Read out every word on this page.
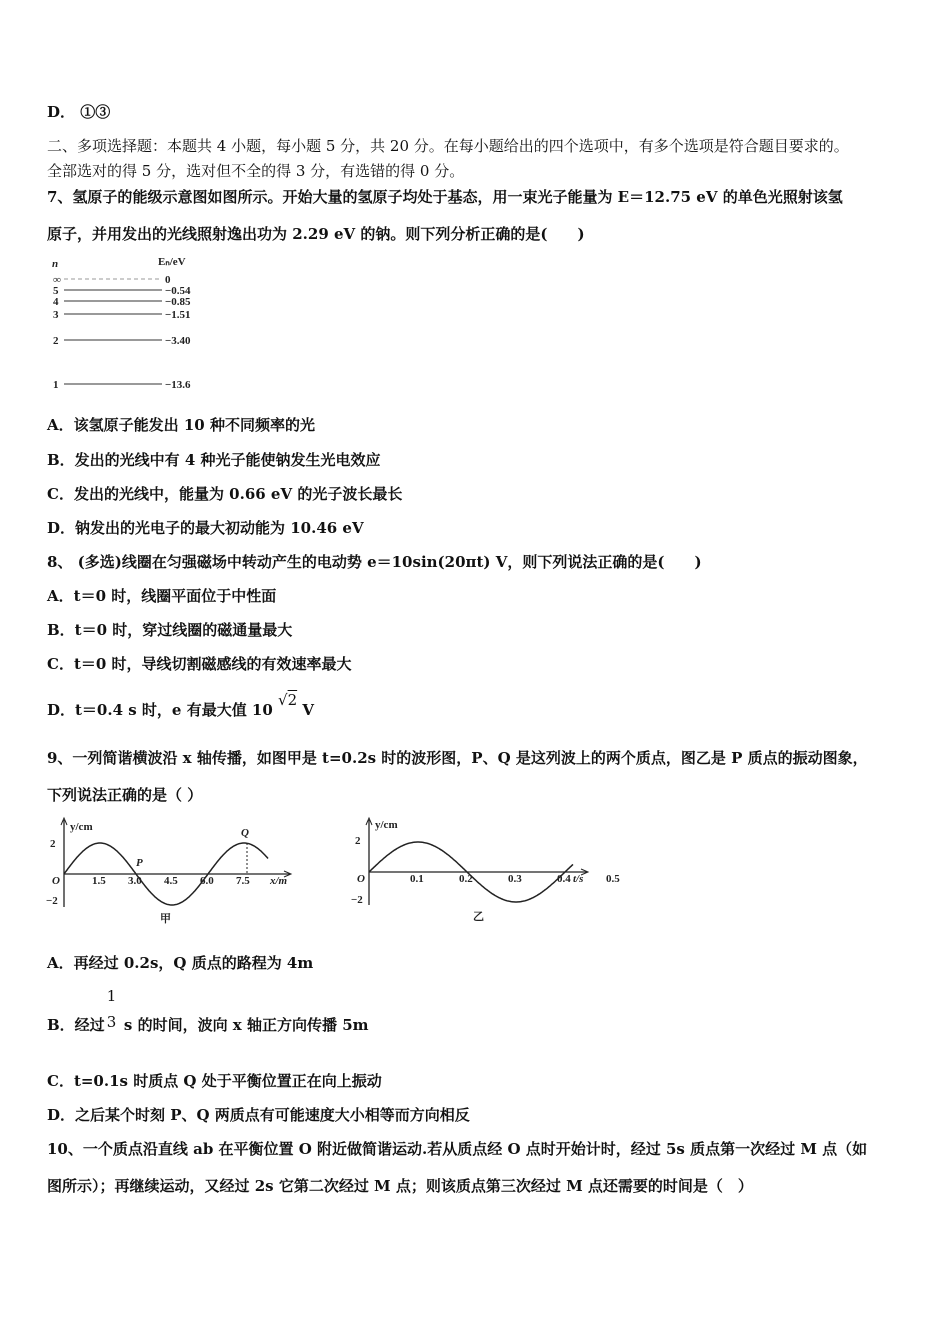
D． ①③
二、多项选择题：本题共 4 小题，每小题 5 分，共 20 分。在每小题给出的四个选项中，有多个选项是符合题目要求的。
全部选对的得 5 分，选对但不全的得 3 分，有选错的得 0 分。
7、氢原子的能级示意图如图所示。开始大量的氢原子均处于基态，用一束光子能量为 E＝12.75 eV 的单色光照射该氢
原子，并用发出的光线照射逸出功为 2.29 eV 的钠。则下列分析正确的是(　　)
n	Eₙ/eV
∞	0
5	−0.54
4	−0.85
3	−1.51
2	−3.40
1	−13.6
A．该氢原子能发出 10 种不同频率的光
B．发出的光线中有 4 种光子能使钠发生光电效应
C．发出的光线中，能量为 0.66 eV 的光子波长最长
D．钠发出的光电子的最大初动能为 10.46 eV
8、 (多选)线圈在匀强磁场中转动产生的电动势 e＝10sin(20πt) V，则下列说法正确的是(　　)
A．t＝0 时，线圈平面位于中性面
B．t＝0 时，穿过线圈的磁通量最大
C．t＝0 时，导线切割磁感线的有效速率最大
D．t＝0.4 s 时，e 有最大值 10 √2 V
9、一列简谐横波沿 x 轴传播，如图甲是 t=0.2s 时的波形图，P、Q 是这列波上的两个质点，图乙是 P 质点的振动图象，
下列说法正确的是（ ）
y/cm
x/m
O
2
−2
1.5 3.0 4.5 6.0 7.5
P
Q
甲
y/cm
t/s
O
2
−2
0.1	0.2	0.3	0.4	0.5
乙
A．再经过 0.2s，Q 质点的路程为 4m
B．经过
1
3 s 的时间，波向 x 轴正方向传播 5m
C．t=0.1s 时质点 Q 处于平衡位置正在向上振动
D．之后某个时刻 P、Q 两质点有可能速度大小相等而方向相反
10、一个质点沿直线 ab 在平衡位置 O 附近做简谐运动.若从质点经 O 点时开始计时，经过 5s 质点第一次经过 M 点（如
图所示）；再继续运动，又经过 2s 它第二次经过 M 点；则该质点第三次经过 M 点还需要的时间是（　）
